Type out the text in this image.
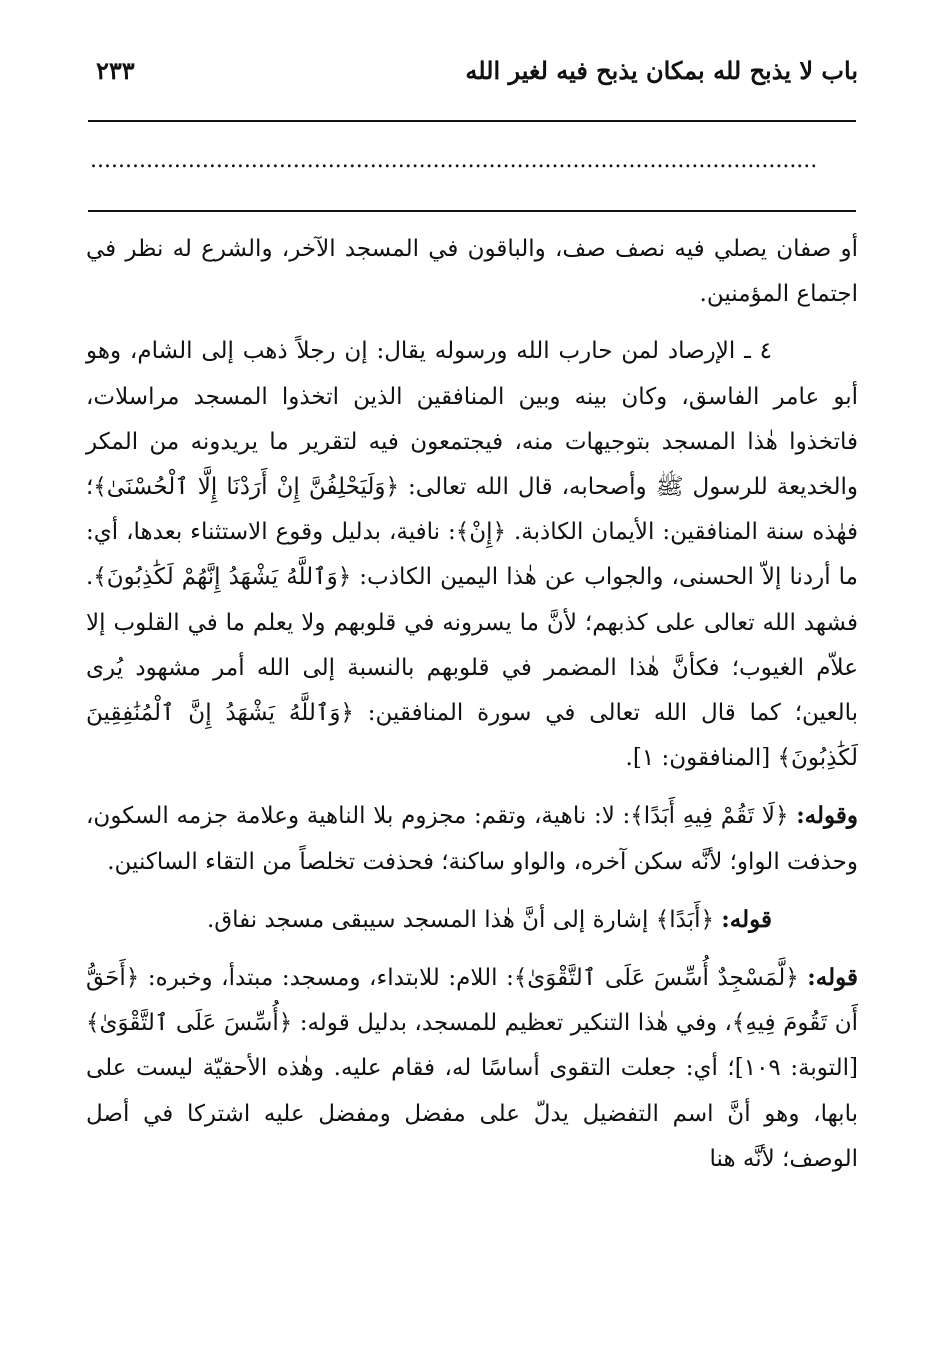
باب لا يذبح لله بمكان يذبح فيه لغير الله
٢٣٣
........................................................................................................

أو صفان يصلي فيه نصف صف، والباقون في المسجد الآخر، والشرع له نظر في اجتماع المؤمنين.

٤ ـ الإرصاد لمن حارب الله ورسوله يقال: إن رجلاً ذهب إلى الشام، وهو أبو عامر الفاسق، وكان بينه وبين المنافقين الذين اتخذوا المسجد مراسلات، فاتخذوا هٰذا المسجد بتوجيهات منه، فيجتمعون فيه لتقرير ما يريدونه من المكر والخديعة للرسول ﷺ وأصحابه، قال الله تعالى: ﴿وَلَيَحْلِفُنَّ إِنْ أَرَدْنَا إِلَّا ٱلْحُسْنَىٰ﴾؛ فهٰذه سنة المنافقين: الأيمان الكاذبة. ﴿إِنْ﴾: نافية، بدليل وقوع الاستثناء بعدها، أي: ما أردنا إلاّ الحسنى، والجواب عن هٰذا اليمين الكاذب: ﴿وَٱللَّهُ يَشْهَدُ إِنَّهُمْ لَكَٰذِبُونَ﴾. فشهد الله تعالى على كذبهم؛ لأنَّ ما يسرونه في قلوبهم ولا يعلم ما في القلوب إلا علاّم الغيوب؛ فكأنَّ هٰذا المضمر في قلوبهم بالنسبة إلى الله أمر مشهود يُرى بالعين؛ كما قال الله تعالى في سورة المنافقين: ﴿وَٱللَّهُ يَشْهَدُ إِنَّ ٱلْمُنَٰفِقِينَ لَكَٰذِبُونَ﴾ [المنافقون: ١].

وقوله: ﴿لَا تَقُمْ فِيهِ أَبَدًا﴾: لا: ناهية، وتقم: مجزوم بلا الناهية وعلامة جزمه السكون، وحذفت الواو؛ لأنَّه سكن آخره، والواو ساكنة؛ فحذفت تخلصاً من التقاء الساكنين.

قوله: ﴿أَبَدًا﴾ إشارة إلى أنَّ هٰذا المسجد سيبقى مسجد نفاق.

قوله: ﴿لَّمَسْجِدٌ أُسِّسَ عَلَى ٱلتَّقْوَىٰ﴾: اللام: للابتداء، ومسجد: مبتدأ، وخبره: ﴿أَحَقُّ أَن تَقُومَ فِيهِ﴾، وفي هٰذا التنكير تعظيم للمسجد، بدليل قوله: ﴿أُسِّسَ عَلَى ٱلتَّقْوَىٰ﴾ [التوبة: ١٠٩]؛ أي: جعلت التقوى أساسًا له، فقام عليه. وهٰذه الأحقيّة ليست على بابها، وهو أنَّ اسم التفضيل يدلّ على مفضل ومفضل عليه اشتركا في أصل الوصف؛ لأنَّه هنا
